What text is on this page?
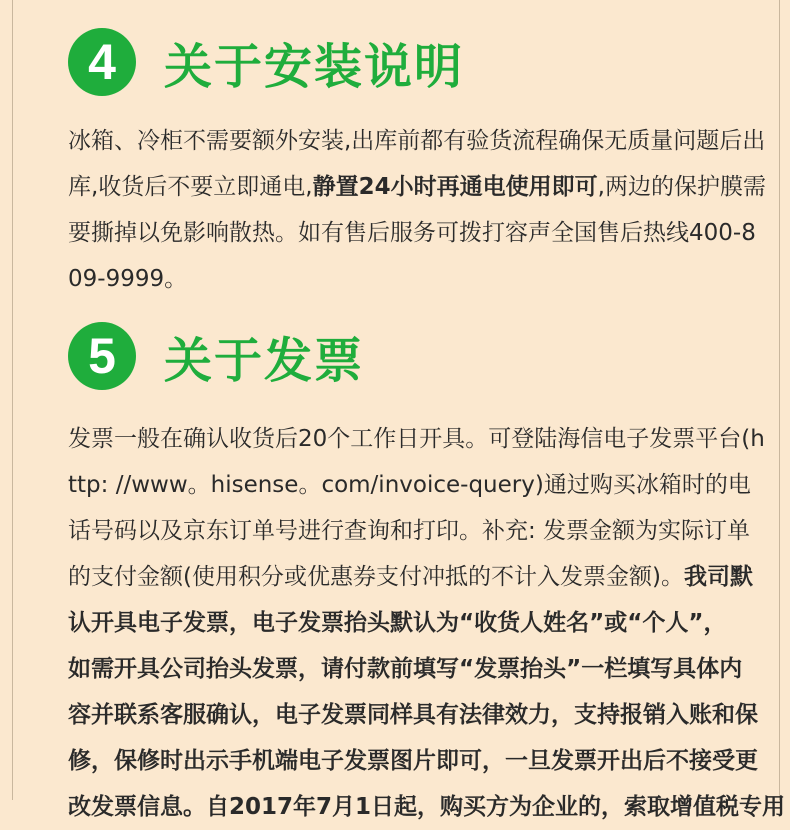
4	关于安装说明
冰箱、冷柜不需要额外安装,出库前都有验货流程确保无质量问题后出
库,收货后不要立即通电,静置24小时再通电使用即可,两边的保护膜需
要撕掉以免影响散热。如有售后服务可拨打容声全国售后热线400-8
09-9999。
5	关于发票
发票一般在确认收货后20个工作日开具。可登陆海信电子发票平台(h
ttp: //www。hisense。com/invoice-query)通过购买冰箱时的电
话号码以及京东订单号进行查询和打印。补充: 发票金额为实际订单
的支付金额(使用积分或优惠券支付冲抵的不计入发票金额)。我司默
认开具电子发票，电子发票抬头默认为“收货人姓名”或“个人”，
如需开具公司抬头发票，请付款前填写“发票抬头”一栏填写具体内
容并联系客服确认，电子发票同样具有法律效力，支持报销入账和保
修，保修时出示手机端电子发票图片即可，一旦发票开出后不接受更
改发票信息。自2017年7月1日起，购买方为企业的，索取增值税专用
